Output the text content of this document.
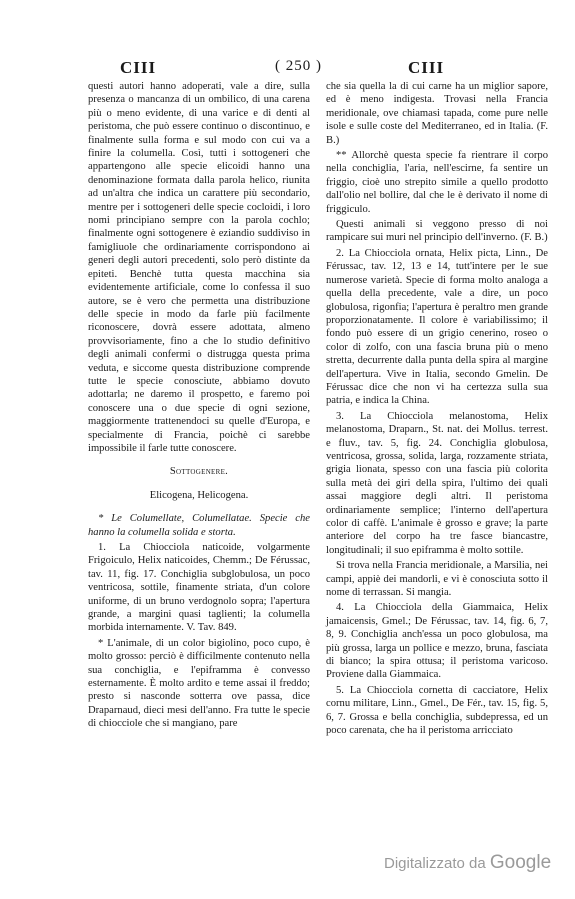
CIII	( 250 )	CIII

questi autori hanno adoperati, vale a dire, sulla presenza o mancanza di un ombilico, di una carena più o meno evidente, di una varice e di denti al peristoma, che può essere continuo o discontinuo, e finalmente sulla forma e sul modo con cui va a finire la columella. Così, tutti i sottogeneri che appartengono alle specie elicoidi hanno una denominazione formata dalla parola helico, riunita ad un'altra che indica un carattere più secondario, mentre per i sottogeneri delle specie cocloidi, i loro nomi principiano sempre con la parola cochlo; finalmente ogni sottogenere è eziandio suddiviso in famigliuole che ordinariamente corrispondono ai generi degli autori precedenti, solo però distinte da epiteti. Benchè tutta questa macchina sia evidentemente artificiale, come lo confessa il suo autore, se è vero che permetta una distribuzione delle specie in modo da farle più facilmente riconoscere, dovrà essere adottata, almeno provvisoriamente, fino a che lo studio definitivo degli animali confermi o distrugga questa prima veduta, e siccome questa distribuzione comprende tutte le specie conosciute, abbiamo dovuto adottarla; ne daremo il prospetto, e faremo poi conoscere una o due specie di ogni sezione, maggiormente trattenendoci su quelle d'Europa, e specialmente di Francia, poichè ci sarebbe impossibile il farle tutte conoscere.

Sottogenere.

Elicogena, Helicogena.

* Le Columellate, Columellatae. Specie che hanno la columella solida e storta.

1. La Chiocciola naticoide, volgarmente Frigoiculo, Helix naticoides, Chemm.; De Férussac, tav. 11, fig. 17. Conchiglia subglobulosa, un poco ventricosa, sottile, finamente striata, d'un colore uniforme, di un bruno verdognolo sopra; l'apertura grande, a margini quasi taglienti; la columella morbida internamente. V. Tav. 849.

* L'animale, di un color bigiolino, poco cupo, è molto grosso: perciò è difficilmente contenuto nella sua conchiglia, e l'epiframma è convesso esternamente. È molto ardito e teme assai il freddo; presto si nasconde sotterra ove passa, dice Draparnaud, dieci mesi dell'anno. Fra tutte le specie di chiocciole che si mangiano, pare

che sia quella la di cui carne ha un miglior sapore, ed è meno indigesta. Trovasi nella Francia meridionale, ove chiamasi tapada, come pure nelle isole e sulle coste del Mediterraneo, ed in Italia. (F. B.)

** Allorchè questa specie fa rientrare il corpo nella conchiglia, l'aria, nell'escirne, fa sentire un friggio, cioè uno strepito simile a quello prodotto dall'olio nel bollire, dal che le è derivato il nome di friggiculo.

Questi animali si veggono presso di noi rampicare sui muri nel principio dell'inverno. (F. B.)

2. La Chiocciola ornata, Helix picta, Linn., De Férussac, tav. 12, 13 e 14, tutt'intere per le sue numerose varietà. Specie di forma molto analoga a quella della precedente, vale a dire, un poco globulosa, rigonfia; l'apertura è peraltro men grande proporzionatamente. Il colore è variabilissimo; il fondo può essere di un grigio cenerino, roseo o color di zolfo, con una fascia bruna più o meno stretta, decurrente dalla punta della spira al margine dell'apertura. Vive in Italia, secondo Gmelin. De Férussac dice che non vi ha certezza sulla sua patria, e indica la China.

3. La Chiocciola melanostoma, Helix melanostoma, Draparn., St. nat. dei Mollus. terrest. e fluv., tav. 5, fig. 24. Conchiglia globulosa, ventricosa, grossa, solida, larga, rozzamente striata, grigia lionata, spesso con una fascia più colorita sulla metà dei giri della spira, l'ultimo dei quali assai maggiore degli altri. Il peristoma ordinariamente semplice; l'interno dell'apertura color di caffè. L'animale è grosso e grave; la parte anteriore del corpo ha tre fasce biancastre, longitudinali; il suo epiframma è molto sottile.

Si trova nella Francia meridionale, a Marsilia, nei campi, appiè dei mandorli, e vi è conosciuta sotto il nome di terrassan. Si mangia.

4. La Chiocciola della Giammaica, Helix jamaicensis, Gmel.; De Férussac, tav. 14, fig. 6, 7, 8, 9. Conchiglia anch'essa un poco globulosa, ma più grossa, larga un pollice e mezzo, bruna, fasciata di bianco; la spira ottusa; il peristoma varicoso. Proviene dalla Giammaica.

5. La Chiocciola cornetta di cacciatore, Helix cornu militare, Linn., Gmel., De Fér., tav. 15, fig. 5, 6, 7. Grossa e bella conchiglia, subdepressa, ed un poco carenata, che ha il peristoma arricciato

Digitalizzato da Google
